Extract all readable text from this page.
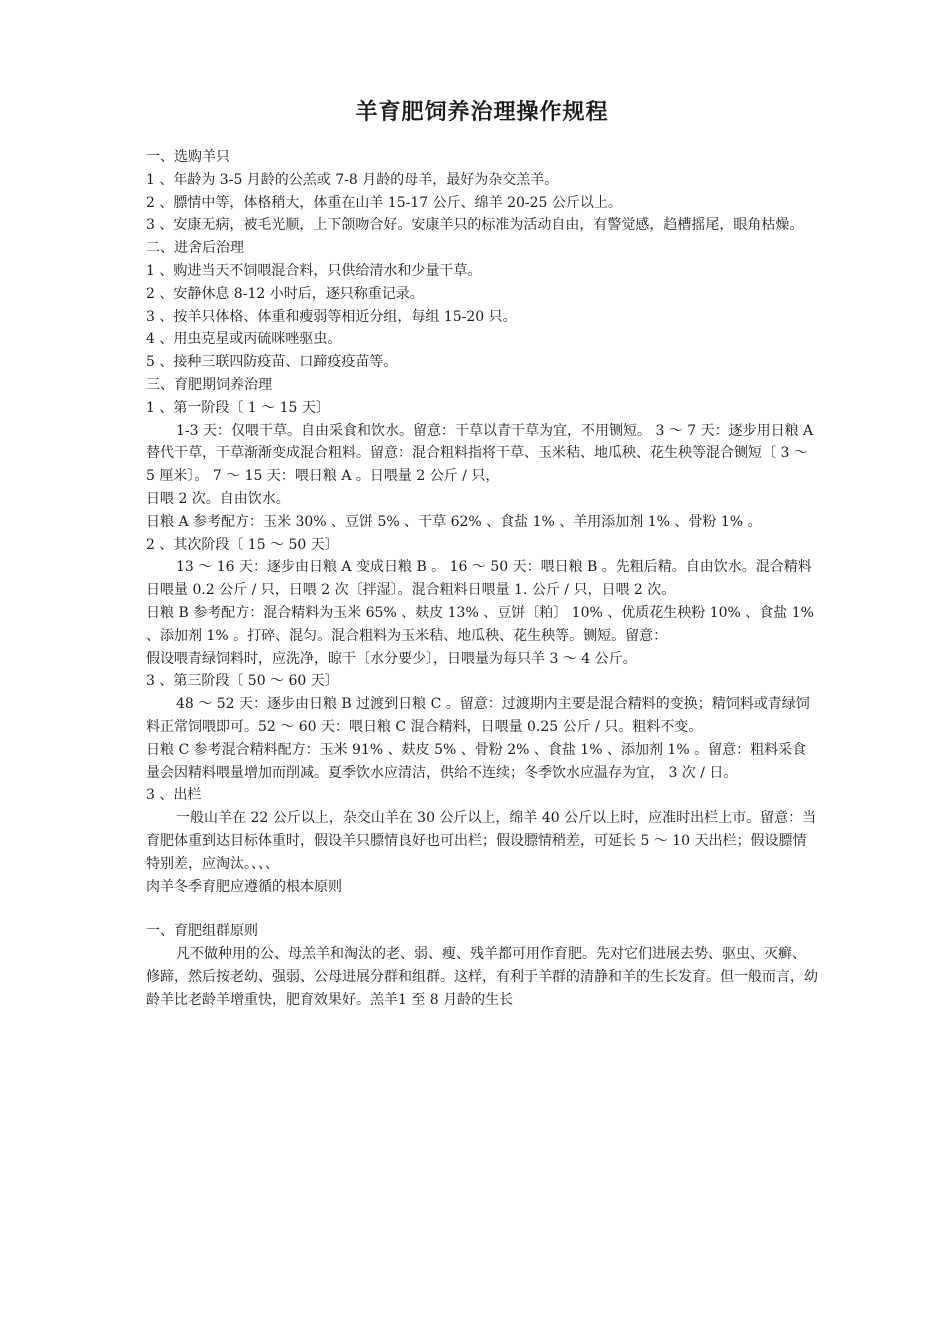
羊育肥饲养治理操作规程

一、选购羊只

1 、年龄为 3-5 月龄的公羔或 7-8 月龄的母羊，最好为杂交羔羊。

2 、膘情中等，体格稍大，体重在山羊 15-17 公斤、绵羊 20-25 公斤以上。

3 、安康无病，被毛光顺，上下颌吻合好。安康羊只的标准为活动自由，有警觉感，趋槽摇尾，眼角枯燥。

二、进舍后治理

1 、购进当天不饲喂混合料，只供给清水和少量干草。

2 、安静休息 8-12 小时后，逐只称重记录。

3 、按羊只体格、体重和瘦弱等相近分组，每组 15-20 只。

4 、用虫克星或丙硫咪唑驱虫。

5 、接种三联四防疫苗、口蹄疫疫苗等。

三、育肥期饲养治理

1 、第一阶段〔 1 ～ 15 天〕

1-3 天：仅喂干草。自由采食和饮水。留意：干草以青干草为宜，不用铡短。 3 ～ 7 天：逐步用日粮 A 替代干草，干草渐渐变成混合粗料。留意：混合粗料指将干草、玉米秸、地瓜秧、花生秧等混合铡短〔 3 ～ 5 厘米〕。 7 ～ 15 天：喂日粮 A 。日喂量 2 公斤 / 只，

日喂 2 次。自由饮水。

日粮 A 参考配方：玉米 30% 、豆饼 5% 、干草 62% 、食盐 1% 、羊用添加剂 1% 、骨粉 1% 。

2 、其次阶段〔 15 ～ 50 天〕

13 ～ 16 天：逐步由日粮 A 变成日粮 B 。 16 ～ 50 天：喂日粮 B 。先粗后精。自由饮水。混合精料日喂量 0.2 公斤 / 只，日喂 2 次〔拌湿〕。混合粗料日喂量 1. 公斤 / 只，日喂 2 次。

日粮 B 参考配方：混合精料为玉米 65% 、麸皮 13% 、豆饼〔粕〕 10% 、优质花生秧粉 10% 、食盐 1% 、添加剂 1% 。打碎、混匀。混合粗料为玉米秸、地瓜秧、花生秧等。铡短。留意：

假设喂青绿饲料时，应洗净，晾干〔水分要少〕，日喂量为每只羊 3 ～ 4 公斤。

3 、第三阶段〔 50 ～ 60 天〕

48 ～ 52 天：逐步由日粮 B 过渡到日粮 C 。留意：过渡期内主要是混合精料的变换；精饲料或青绿饲料正常饲喂即可。52 ～ 60 天：喂日粮 C 混合精料，日喂量 0.25 公斤 / 只。粗料不变。

日粮 C 参考混合精料配方：玉米 91% 、麸皮 5% 、骨粉 2% 、食盐 1% 、添加剂 1% 。留意：粗料采食量会因精料喂量增加而削减。夏季饮水应清洁，供给不连续；冬季饮水应温存为宜， 3 次 / 日。

3 、出栏

一般山羊在 22 公斤以上，杂交山羊在 30 公斤以上，绵羊 40 公斤以上时，应准时出栏上市。留意：当育肥体重到达目标体重时，假设羊只膘情良好也可出栏；假设膘情稍差，可延长 5 ～ 10 天出栏；假设膘情特别差，应淘汰。、、、

肉羊冬季育肥应遵循的根本原则

一、育肥组群原则

凡不做种用的公、母羔羊和淘汰的老、弱、瘦、残羊都可用作育肥。先对它们进展去势、驱虫、灭癣、修蹄，然后按老幼、强弱、公母进展分群和组群。这样，有利于羊群的清静和羊的生长发育。但一般而言，幼龄羊比老龄羊增重快，肥育效果好。羔羊1 至 8 月龄的生长
